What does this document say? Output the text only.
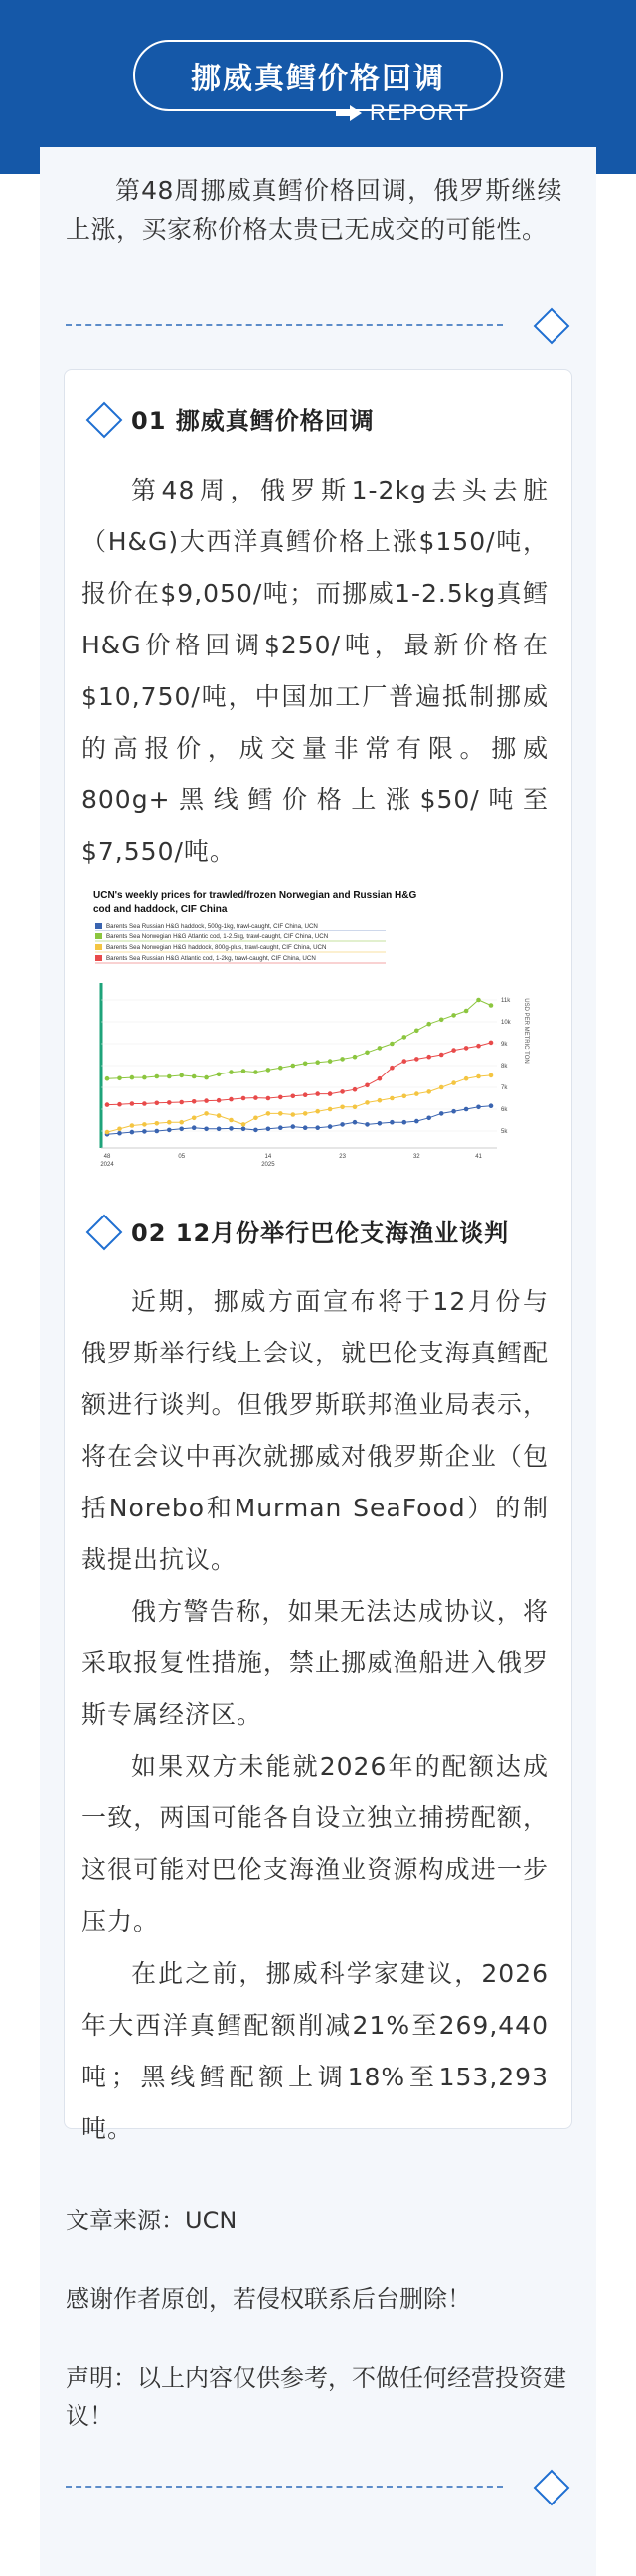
挪威真鳕价格回调
REPORT

第48周挪威真鳕价格回调，俄罗斯继续上涨，买家称价格太贵已无成交的可能性。

01 挪威真鳕价格回调

第48周，俄罗斯1-2kg去头去脏（H&G)大西洋真鳕价格上涨$150/吨，报价在$9,050/吨；而挪威1-2.5kg真鳕H&G价格回调$250/吨，最新价格在$10,750/吨，中国加工厂普遍抵制挪威的高报价，成交量非常有限。挪威800g+黑线鳕价格上涨$50/吨至$7,550/吨。

UCN's weekly prices for trawled/frozen Norwegian and Russian H&G cod and haddock, CIF China
Barents Sea Russian H&G haddock, 500g-1kg, trawl-caught, CIF China, UCN
Barents Sea Norwegian H&G Atlantic cod, 1-2.5kg, trawl-caught, CIF China, UCN
Barents Sea Norwegian H&G haddock, 800g-plus, trawl-caught, CIF China, UCN
Barents Sea Russian H&G Atlantic cod, 1-2kg, trawl-caught, CIF China, UCN
48 2024
05	14 2025
23	32	41
5k
6k
7k
8k
9k
10k
11k USD PER METRIC TON
02 12月份举行巴伦支海渔业谈判

近期，挪威方面宣布将于12月份与俄罗斯举行线上会议，就巴伦支海真鳕配额进行谈判。但俄罗斯联邦渔业局表示，将在会议中再次就挪威对俄罗斯企业（包括Norebo和Murman SeaFood）的制裁提出抗议。

俄方警告称，如果无法达成协议，将采取报复性措施，禁止挪威渔船进入俄罗斯专属经济区。

如果双方未能就2026年的配额达成一致，两国可能各自设立独立捕捞配额，这很可能对巴伦支海渔业资源构成进一步压力。

在此之前，挪威科学家建议，2026年大西洋真鳕配额削减21%至269,440吨；黑线鳕配额上调18%至153,293吨。

文章来源：UCN

感谢作者原创，若侵权联系后台删除！

声明：以上内容仅供参考，不做任何经营投资建议！
